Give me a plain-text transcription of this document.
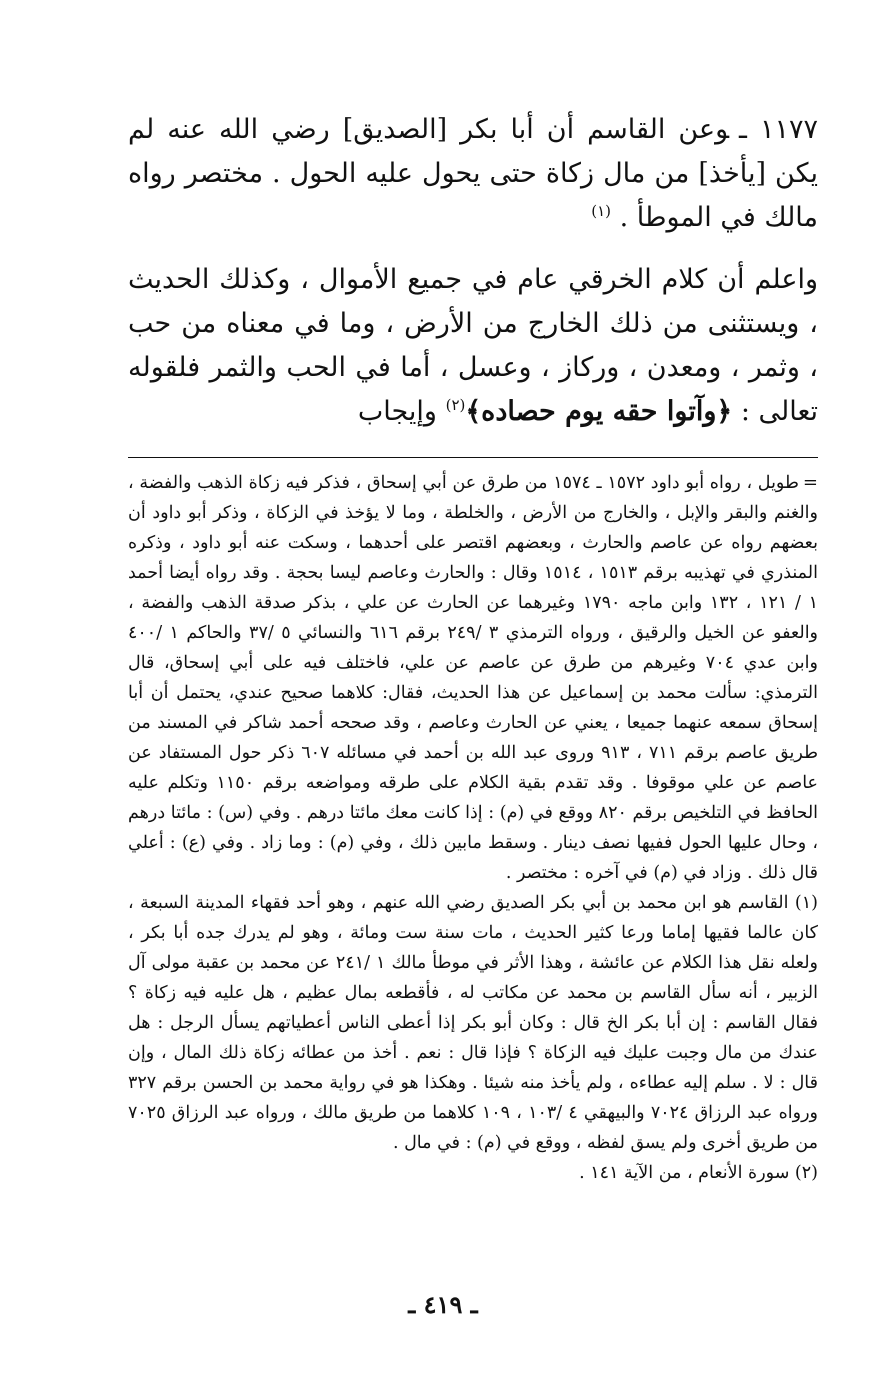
١١٧٧ ـوعن القاسم أن أبا بكر [الصديق] رضي الله عنه لم يكن [يأخذ] من مال زكاة حتى يحول عليه الحول . مختصر رواه مالك في الموطأ . $^{(١)}$

واعلم أن كلام الخرقي عام في جميع الأموال ، وكذلك الحديث ، ويستثنى من ذلك الخارج من الأرض ، وما في معناه من حب ، وثمر ، ومعدن ، وركاز ، وعسل ، أما في الحب والثمر فلقوله تعالى : ﴿وآتوا حقه يوم حصاده﴾$^{(٢)}$ وإيجاب

=طويل ، رواه أبو داود ١٥٧٢ ـ ١٥٧٤ من طرق عن أبي إسحاق ، فذكر فيه زكاة الذهب والفضة ، والغنم والبقر والإبل ، والخارج من الأرض ، والخلطة ، وما لا يؤخذ في الزكاة ، وذكر أبو داود أن بعضهم رواه عن عاصم والحارث ، وبعضهم اقتصر على أحدهما ، وسكت عنه أبو داود ، وذكره المنذري في تهذيبه برقم ١٥١٣ ، ١٥١٤ وقال : والحارث وعاصم ليسا بحجة . وقد رواه أيضا أحمد ١ / ١٢١ ، ١٣٢ وابن ماجه ١٧٩٠ وغيرهما عن الحارث عن علي ، بذكر صدقة الذهب والفضة ، والعفو عن الخيل والرقيق ، ورواه الترمذي ٣ /٢٤٩ برقم ٦١٦ والنسائي ٥ /٣٧ والحاكم ١ /٤٠٠ وابن عدي ٧٠٤ وغيرهم من طرق عن عاصم عن علي، فاختلف فيه على أبي إسحاق، قال الترمذي: سألت محمد بن إسماعيل عن هذا الحديث، فقال: كلاهما صحيح عندي، يحتمل أن أبا إسحاق سمعه عنهما جميعا ، يعني عن الحارث وعاصم ، وقد صححه أحمد شاكر في المسند من طريق عاصم برقم ٧١١ ، ٩١٣ وروى عبد الله بن أحمد في مسائله ٦٠٧ ذكر حول المستفاد عن عاصم عن علي موقوفا . وقد تقدم بقية الكلام على طرقه ومواضعه برقم ١١٥٠ وتكلم عليه الحافظ في التلخيص برقم ٨٢٠ ووقع في (م) : إذا كانت معك مائتا درهم . وفي (س) : مائتا درهم ، وحال عليها الحول ففيها نصف دينار . وسقط مابين ذلك ، وفي (م) : وما زاد . وفي (ع) : أعلي قال ذلك . وزاد في (م) في آخره : مختصر .

(١) القاسم هو ابن محمد بن أبي بكر الصديق رضي الله عنهم ، وهو أحد فقهاء المدينة السبعة ، كان عالما فقيها إماما ورعا كثير الحديث ، مات سنة ست ومائة ، وهو لم يدرك جده أبا بكر ، ولعله نقل هذا الكلام عن عائشة ، وهذا الأثر في موطأ مالك ١ /٢٤١ عن محمد بن عقبة مولى آل الزبير ، أنه سأل القاسم بن محمد عن مكاتب له ، فأقطعه بمال عظيم ، هل عليه فيه زكاة ؟ فقال القاسم : إن أبا بكر الخ قال : وكان أبو بكر إذا أعطى الناس أعطياتهم يسأل الرجل : هل عندك من مال وجبت عليك فيه الزكاة ؟ فإذا قال : نعم . أخذ من عطائه زكاة ذلك المال ، وإن قال : لا . سلم إليه عطاءه ، ولم يأخذ منه شيئا . وهكذا هو في رواية محمد بن الحسن برقم ٣٢٧ ورواه عبد الرزاق ٧٠٢٤ والبيهقي ٤ /١٠٣ ، ١٠٩ كلاهما من طريق مالك ، ورواه عبد الرزاق ٧٠٢٥ من طريق أخرى ولم يسق لفظه ، ووقع في (م) : في مال .

(٢) سورة الأنعام ، من الآية ١٤١ .

ـ ٤١٩ ـ
